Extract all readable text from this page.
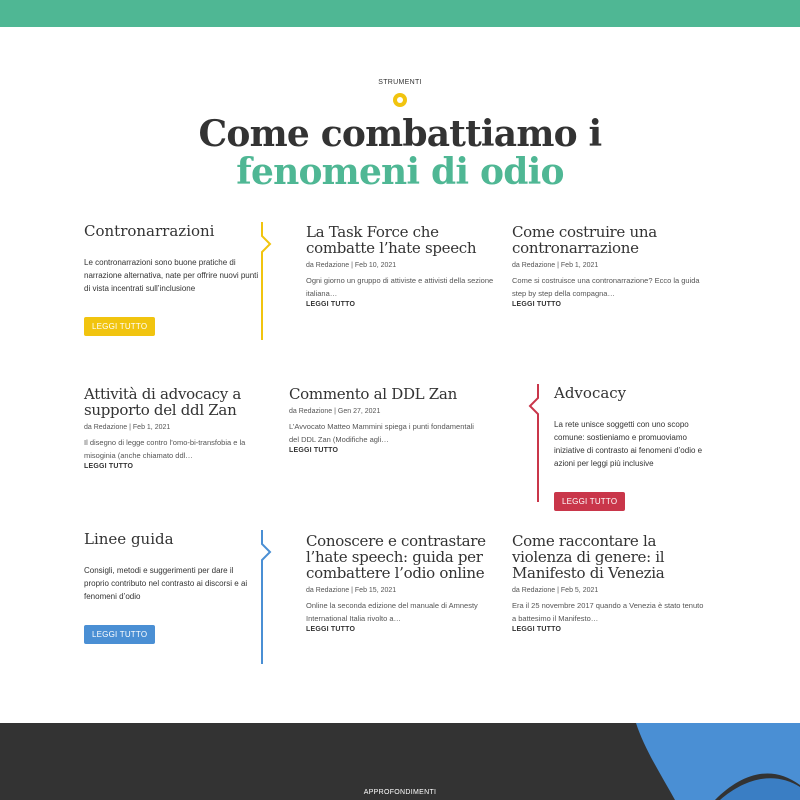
STRUMENTI
Come combattiamo i
fenomeni di odio
Contronarrazioni
Le contronarrazioni sono buone pratiche di narrazione alternativa, nate per offrire nuovi punti di vista incentrati sull’inclusione
LEGGI TUTTO
La Task Force che combatte l’hate speech
da Redazione | Feb 10, 2021
Ogni giorno un gruppo di attiviste e attivisti della sezione italiana…
LEGGI TUTTO
Come costruire una contronarrazione
da Redazione | Feb 1, 2021
Come si costruisce una contronarrazione? Ecco la guida step by step della compagna…
LEGGI TUTTO
Attività di advocacy a supporto del ddl Zan
da Redazione | Feb 1, 2021
Il disegno di legge contro l’omo-bi-transfobia e la misoginia (anche chiamato ddl…
LEGGI TUTTO
Commento al DDL Zan
da Redazione | Gen 27, 2021
L’Avvocato Matteo Mammini spiega i punti fondamentali del DDL Zan (Modifiche agli…
LEGGI TUTTO
Advocacy
La rete unisce soggetti con uno scopo comune: sostieniamo e promuoviamo iniziative di contrasto ai fenomeni d’odio e azioni per leggi più inclusive
LEGGI TUTTO
Linee guida
Consigli, metodi e suggerimenti per dare il proprio contributo nel contrasto ai discorsi e ai fenomeni d’odio
LEGGI TUTTO
Conoscere e contrastare l’hate speech: guida per combattere l’odio online
da Redazione | Feb 15, 2021
Online la seconda edizione del manuale di Amnesty International Italia rivolto a…
LEGGI TUTTO
Come raccontare la violenza di genere: il Manifesto di Venezia
da Redazione | Feb 5, 2021
Era il 25 novembre 2017 quando a Venezia è stato tenuto a battesimo il Manifesto…
LEGGI TUTTO
APPROFONDIMENTI
